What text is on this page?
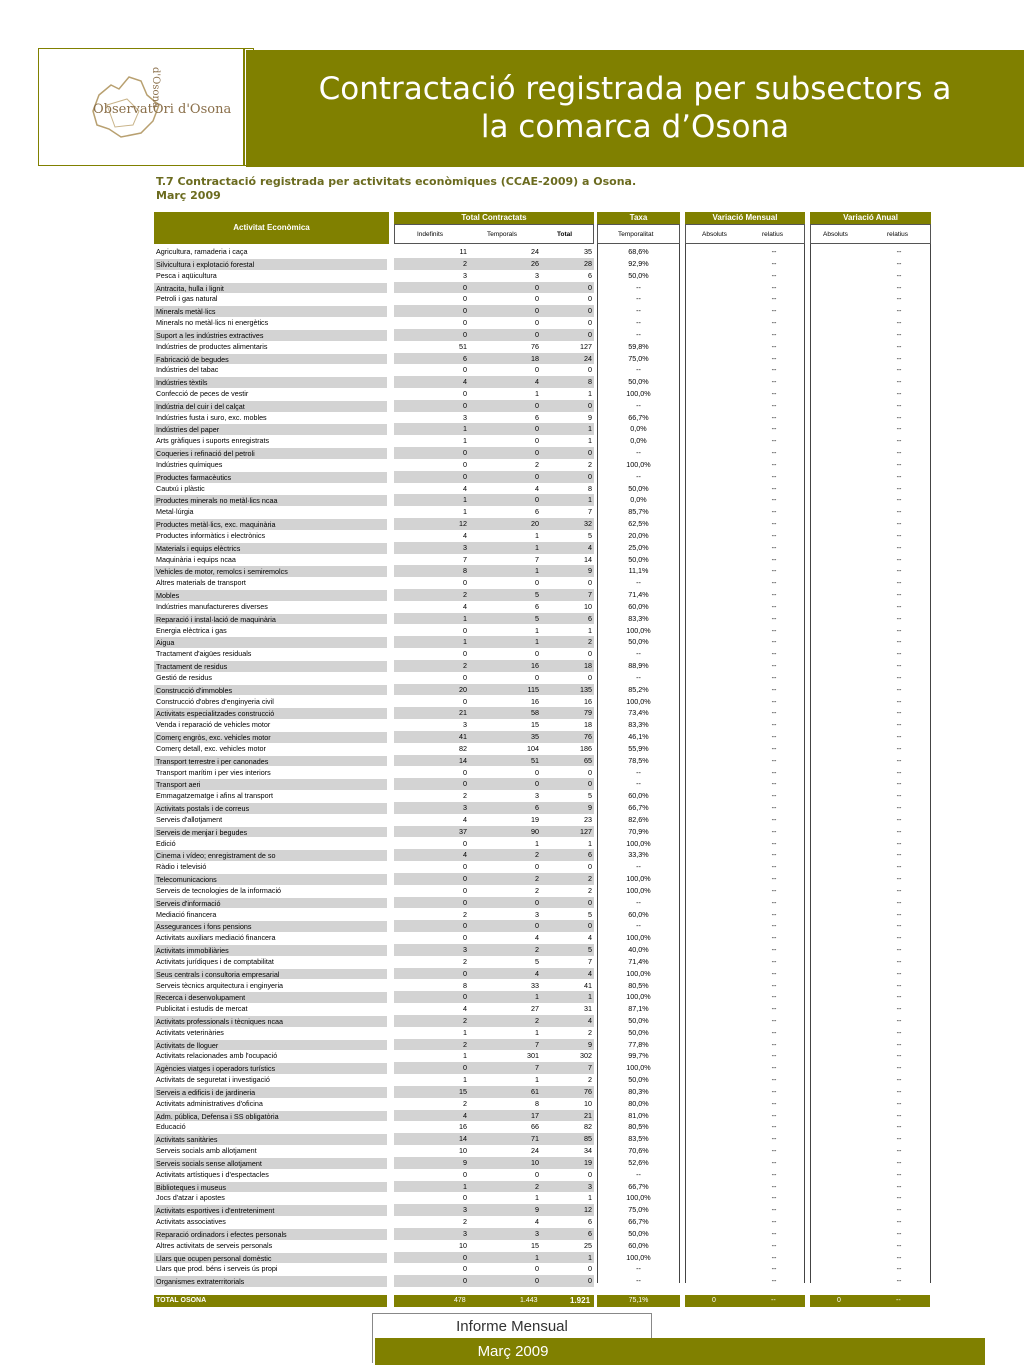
ObservatOri d'Osona
d'Osona	Contractació registrada per subsectors a
la comarca d’Osona
T.7 Contractació registrada per activitats econòmiques (CCAE-2009) a Osona.
Març 2009
Activitat Econòmica
Total Contractats
Indefinits	Temporals	Total
Taxa
Temporalitat
Variació Mensual
Absoluts	relatius
Variació Anual
Absoluts	relatius
Agricultura, ramaderia i caça	11	24	35	68,6%	--	--
Silvicultura i explotació forestal	2	26	28	92,9%	--	--
Pesca i aqüicultura	3	3	6	50,0%	--	--
Antracita, hulla i lignit	0	0	0	--	--	--
Petroli i gas natural	0	0	0	--	--	--
Minerals metàl·lics	0	0	0	--	--	--
Minerals no metàl·lics ni energètics	0	0	0	--	--	--
Suport a les indústries extractives	0	0	0	--	--	--
Indústries de productes alimentaris	51	76	127	59,8%	--	--
Fabricació de begudes	6	18	24	75,0%	--	--
Indústries del tabac	0	0	0	--	--	--
Indústries tèxtils	4	4	8	50,0%	--	--
Confecció de peces de vestir	0	1	1	100,0%	--	--
Indústria del cuir i del calçat	0	0	0	--	--	--
Indústries fusta i suro, exc. mobles	3	6	9	66,7%	--	--
Indústries del paper	1	0	1	0,0%	--	--
Arts gràfiques i suports enregistrats	1	0	1	0,0%	--	--
Coqueries i refinació del petroli	0	0	0	--	--	--
Indústries químiques	0	2	2	100,0%	--	--
Productes farmacèutics	0	0	0	--	--	--
Cautxú i plàstic	4	4	8	50,0%	--	--
Productes minerals no metàl·lics ncaa	1	0	1	0,0%	--	--
Metal·lúrgia	1	6	7	85,7%	--	--
Productes metàl·lics, exc. maquinària	12	20	32	62,5%	--	--
Productes informàtics i electrònics	4	1	5	20,0%	--	--
Materials i equips elèctrics	3	1	4	25,0%	--	--
Maquinària i equips ncaa	7	7	14	50,0%	--	--
Vehicles de motor, remolcs i semiremolcs	8	1	9	11,1%	--	--
Altres materials de transport	0	0	0	--	--	--
Mobles	2	5	7	71,4%	--	--
Indústries manufactureres diverses	4	6	10	60,0%	--	--
Reparació i instal·lació de maquinària	1	5	6	83,3%	--	--
Energia elèctrica i gas	0	1	1	100,0%	--	--
Aigua	1	1	2	50,0%	--	--
Tractament d'aigües residuals	0	0	0	--	--	--
Tractament de residus	2	16	18	88,9%	--	--
Gestió de residus	0	0	0	--	--	--
Construcció d'immobles	20	115	135	85,2%	--	--
Construcció d'obres d'enginyeria civil	0	16	16	100,0%	--	--
Activitats especialitzades construcció	21	58	79	73,4%	--	--
Venda i reparació de vehicles motor	3	15	18	83,3%	--	--
Comerç engròs, exc. vehicles motor	41	35	76	46,1%	--	--
Comerç detall, exc. vehicles motor	82	104	186	55,9%	--	--
Transport terrestre i per canonades	14	51	65	78,5%	--	--
Transport marítim i per vies interiors	0	0	0	--	--	--
Transport aeri	0	0	0	--	--	--
Emmagatzematge i afins al transport	2	3	5	60,0%	--	--
Activitats postals i de correus	3	6	9	66,7%	--	--
Serveis d'allotjament	4	19	23	82,6%	--	--
Serveis de menjar i begudes	37	90	127	70,9%	--	--
Edició	0	1	1	100,0%	--	--
Cinema i vídeo; enregistrament de so	4	2	6	33,3%	--	--
Ràdio i televisió	0	0	0	--	--	--
Telecomunicacions	0	2	2	100,0%	--	--
Serveis de tecnologies de la informació	0	2	2	100,0%	--	--
Serveis d'informació	0	0	0	--	--	--
Mediació financera	2	3	5	60,0%	--	--
Assegurances i fons pensions	0	0	0	--	--	--
Activitats auxiliars mediació financera	0	4	4	100,0%	--	--
Activitats immobiliàries	3	2	5	40,0%	--	--
Activitats jurídiques i de comptabilitat	2	5	7	71,4%	--	--
Seus centrals i consultoria empresarial	0	4	4	100,0%	--	--
Serveis tècnics arquitectura i enginyeria	8	33	41	80,5%	--	--
Recerca i desenvolupament	0	1	1	100,0%	--	--
Publicitat i estudis de mercat	4	27	31	87,1%	--	--
Activitats professionals i tècniques ncaa	2	2	4	50,0%	--	--
Activitats veterinàries	1	1	2	50,0%	--	--
Activitats de lloguer	2	7	9	77,8%	--	--
Activitats relacionades amb l'ocupació	1	301	302	99,7%	--	--
Agències viatges i operadors turístics	0	7	7	100,0%	--	--
Activitats de seguretat i investigació	1	1	2	50,0%	--	--
Serveis a edificis i de jardineria	15	61	76	80,3%	--	--
Activitats administratives d'oficina	2	8	10	80,0%	--	--
Adm. pública, Defensa i SS obligatòria	4	17	21	81,0%	--	--
Educació	16	66	82	80,5%	--	--
Activitats sanitàries	14	71	85	83,5%	--	--
Serveis socials amb allotjament	10	24	34	70,6%	--	--
Serveis socials sense allotjament	9	10	19	52,6%	--	--
Activitats artístiques i d'espectacles	0	0	0	--	--	--
Biblioteques i museus	1	2	3	66,7%	--	--
Jocs d'atzar i apostes	0	1	1	100,0%	--	--
Activitats esportives i d'entreteniment	3	9	12	75,0%	--	--
Activitats associatives	2	4	6	66,7%	--	--
Reparació ordinadors i efectes personals	3	3	6	50,0%	--	--
Altres activitats de serveis personals	10	15	25	60,0%	--	--
Llars que ocupen personal domèstic	0	1	1	100,0%	--	--
Llars que prod. béns i serveis ús propi	0	0	0	--	--	--
Organismes extraterritorials	0	0	0	--	--	--
TOTAL OSONA	478	1.443	1.921	75,1%	0	--	0	--
Informe Mensual
Març 2009
